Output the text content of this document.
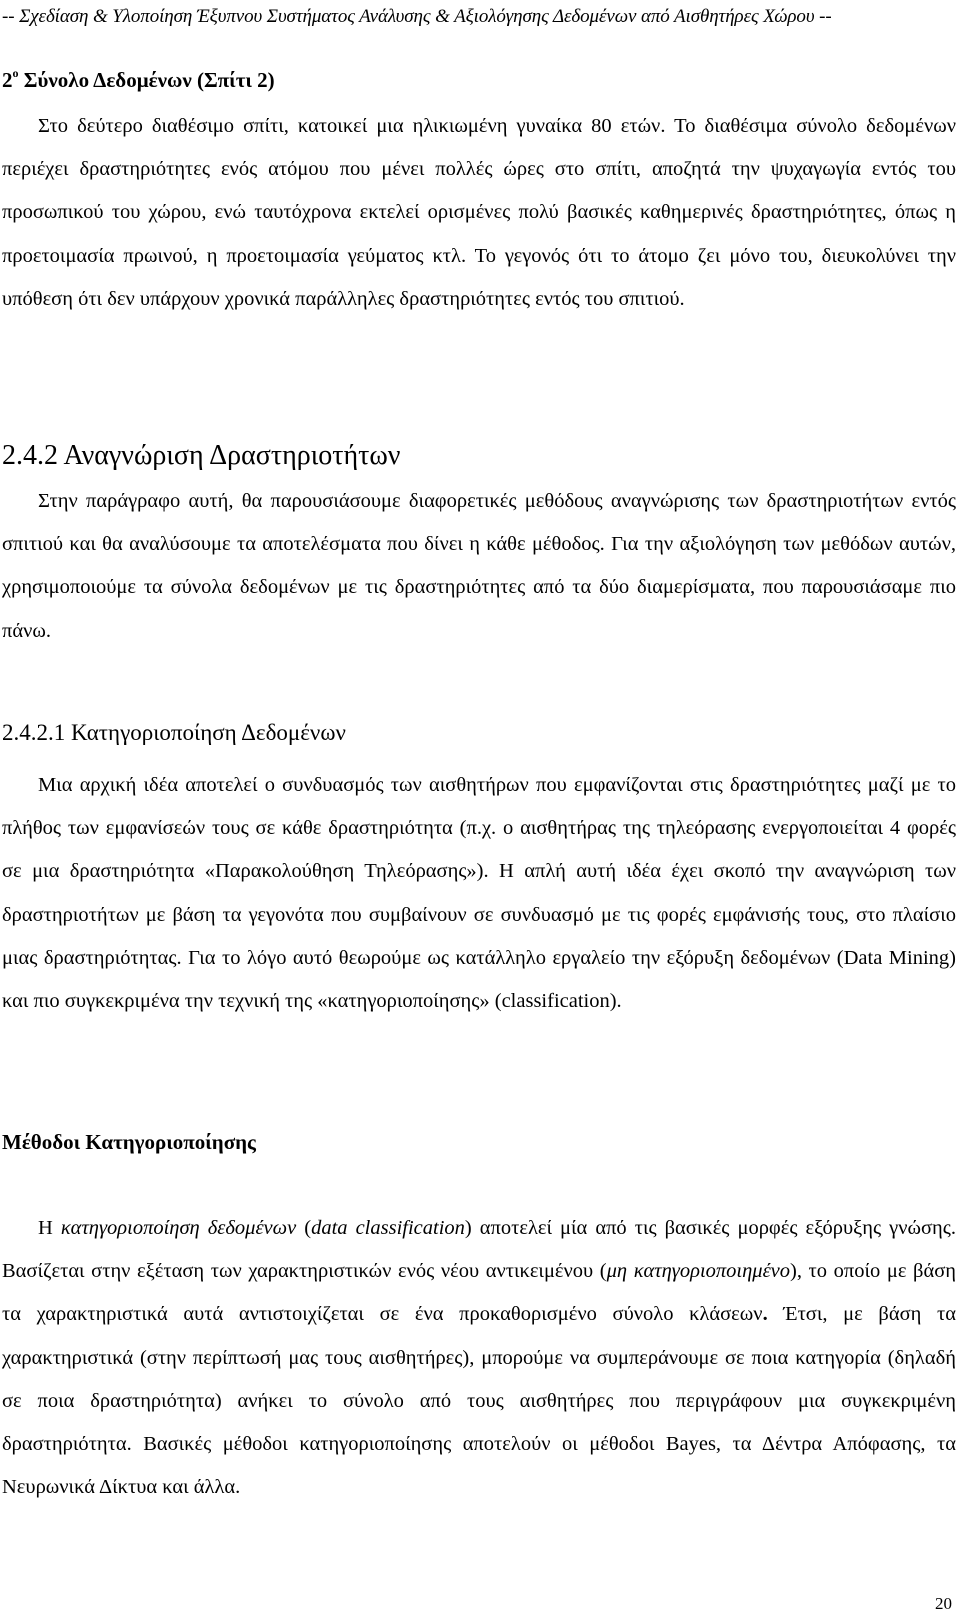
-- Σχεδίαση & Υλοποίηση Έξυπνου Συστήματος Ανάλυσης & Αξιολόγησης Δεδομένων από Αισθητήρες Χώρου --
$2^o$ Σύνολο Δεδομένων (Σπίτι 2)

Στο δεύτερο διαθέσιμο σπίτι, κατοικεί μια ηλικιωμένη γυναίκα 80 ετών. Το διαθέσιμα σύνολο δεδομένων περιέχει δραστηριότητες ενός ατόμου που μένει πολλές ώρες στο σπίτι, αποζητά την ψυχαγωγία εντός του προσωπικού του χώρου, ενώ ταυτόχρονα εκτελεί ορισμένες πολύ βασικές καθημερινές δραστηριότητες, όπως η προετοιμασία πρωινού, η προετοιμασία γεύματος κτλ. Το γεγονός ότι το άτομο ζει μόνο του, διευκολύνει την υπόθεση ότι δεν υπάρχουν χρονικά παράλληλες δραστηριότητες εντός του σπιτιού.

2.4.2 Αναγνώριση Δραστηριοτήτων

Στην παράγραφο αυτή, θα παρουσιάσουμε διαφορετικές μεθόδους αναγνώρισης των δραστηριοτήτων εντός σπιτιού και θα αναλύσουμε τα αποτελέσματα που δίνει η κάθε μέθοδος. Για την αξιολόγηση των μεθόδων αυτών, χρησιμοποιούμε τα σύνολα δεδομένων με τις δραστηριότητες από τα δύο διαμερίσματα, που παρουσιάσαμε πιο πάνω.

2.4.2.1 Κατηγοριοποίηση Δεδομένων

Μια αρχική ιδέα αποτελεί ο συνδυασμός των αισθητήρων που εμφανίζονται στις δραστηριότητες μαζί με το πλήθος των εμφανίσεών τους σε κάθε δραστηριότητα (π.χ. ο αισθητήρας της τηλεόρασης ενεργοποιείται 4 φορές σε μια δραστηριότητα «Παρακολούθηση Τηλεόρασης»). Η απλή αυτή ιδέα έχει σκοπό την αναγνώριση των δραστηριοτήτων με βάση τα γεγονότα που συμβαίνουν σε συνδυασμό με τις φορές εμφάνισής τους, στο πλαίσιο μιας δραστηριότητας. Για το λόγο αυτό θεωρούμε ως κατάλληλο εργαλείο την εξόρυξη δεδομένων (Data Mining) και πιο συγκεκριμένα την τεχνική της «κατηγοριοποίησης» (classification).

Μέθοδοι Κατηγοριοποίησης

Η κατηγοριοποίηση δεδομένων (data classification) αποτελεί μία από τις βασικές μορφές εξόρυξης γνώσης. Βασίζεται στην εξέταση των χαρακτηριστικών ενός νέου αντικειμένου (μη κατηγοριοποιημένο), το οποίο με βάση τα χαρακτηριστικά αυτά αντιστοιχίζεται σε ένα προκαθορισμένο σύνολο κλάσεων. Έτσι, με βάση τα χαρακτηριστικά (στην περίπτωσή μας τους αισθητήρες), μπορούμε να συμπεράνουμε σε ποια κατηγορία (δηλαδή σε ποια δραστηριότητα) ανήκει το σύνολο από τους αισθητήρες που περιγράφουν μια συγκεκριμένη δραστηριότητα. Βασικές μέθοδοι κατηγοριοποίησης αποτελούν οι μέθοδοι Bayes, τα Δέντρα Απόφασης, τα Νευρωνικά Δίκτυα και άλλα.

20
